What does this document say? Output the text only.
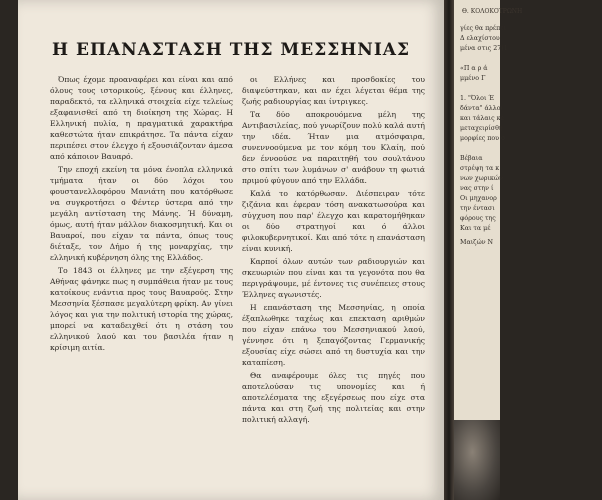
Η ΕΠΑΝΑΣΤΑΣΗ ΤΗΣ ΜΕΣΣΗΝΙΑΣ

Όπως έχομε προαναφέρει και είναι και από όλους τους ιστορικούς, ξένους και έλληνες, παραδεκτό, τα ελληνικά στοιχεία είχε τελείως εξαφανισθεί από τη διοίκηση της Χώρας. Η Ελληνική πυλία, η πραγματικά χαρακτήρα καθεστώτα ήταν επικράτησε. Τα πάντα είχαν περιπέσει στον έλεγχο ή εξουσιάζονταν άμεσα από κάποιον Βαυαρό.

Την εποχή εκείνη τα μόνα ένοπλα ελληνικά τμήματα ήταν οι δύο λόχοι του φουστανελλοφόρου Μανιάτη που κατόρθωσε να συγκροτήσει ο Φέντερ ύστερα από την μεγάλη αντίσταση της Μάνης. Ή δύναμη, όμως, αυτή ήταν μάλλον διακοσμητική. Και οι Βαυαροί, που είχαν τα πάντα, όπως τους διέταξε, τον Δήμο ή της μοναρχίας, την ελληνική κυβέρνηση όλης της Ελλάδος.

Το 1843 οι έλληνες με την εξέγερση της Αθήνας φάνηκε πως η συμπάθεια ήταν με τους κατοίκους ενάντια προς τους Βαυαρούς. Στην Μεσσηνία ξέσπασε μεγαλύτερη φρίκη. Αν γίνει λόγος και για την πολιτική ιστορία της χώρας, μπορεί να καταδειχθεί ότι η στάση του ελληνικού λαού και του βασιλέα ήταν η κρίσιμη αιτία.

οι Ελλήνες και προσδοκίες του διαψεύστηκαν, και αν έχει λέγεται θέμα της ζωής ραδιουργίας και ίντριγκες.

Τα δύο αποκρουόμενα μέλη της Αντιβασιλείας, πού γνωρίζουν πολύ καλά αυτή την ιδέα. Ήταν μια ατμόσφαιρα, συνεννοούμενα με τον κόμη του Κλαίη, πού δεν έννοούσε να παραιτηθή του σουλτάνου στο σπίτι των λυμάνων σ' ανάβουν τη φωτιά πριμού φύγουν από την Ελλάδα.

Καλά το κατόρθωσαν. Διέσπειραν τότε ζιζάνια και έφεραν τόση ανακατωσούρα και σύγχυση που παρ' έλεγχο και καρατομήθηκαν οι δύο στρατηγοί και ό άλλοι φιλοκυβερνητικοί. Και από τότε η επανάσταση είναι κυνική.

Καρποί όλων αυτών των ραδιουργιών και σκευωριών που είναι και τα γεγονότα που θα περιγράψουμε, μέ έντονες τις συνέπειες στους Έλληνες αγωνιστές.

Η επανάσταση της Μεσσηνίας, η οποία έξαπλωθηκε ταχέως και επεκταση αριθμών που είχαν επάνω του Μεσσηνιακού λαού, γέννησε ότι η ξεπαγόζοντας Γερμανικής εξουσίας είχε σώσει από τη δυστυχία και την καταπίεση.

Θα αναφέρουμε όλες τις πηγές που αποτελούσαν τις υπονομίες και ή αποτελέσματα της εξεγέρσεως που είχε στα πάντα και στη ζωή της πολιτείας και στην πολιτική αλλαγή.

Θ. ΚΟΛΟΚΟΤΡΩΝΗ
γίες θα πρέπει
Δ ελαχίστου
μένα στις 27)1

«Π α ρ ά
μμένο Γ

1. "Όλοι Έ
δάντα" άλλοι
και τάλαις κε
μεταχειρίσθη
μορφίες που σ

Βέβαια
στρέψη τα κ
νων χωρικών
νας στην ί
Οι μηχανορ
την έντασι
φόρους της
Και τα μέ
Μαιζών Ν
